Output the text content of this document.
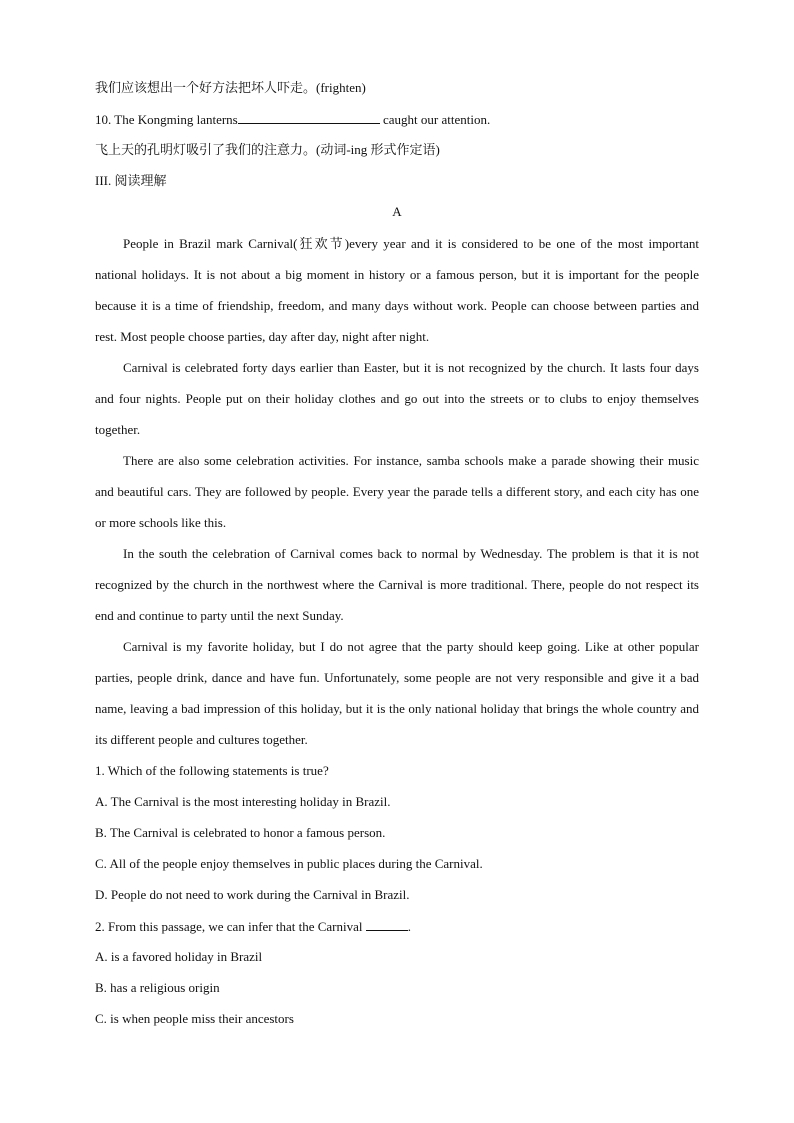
我们应该想出一个好方法把坏人吓走。(frighten)
10. The Kongming lanterns	caught our attention.
飞上天的孔明灯吸引了我们的注意力。(动词-ing 形式作定语)
III. 阅读理解
A

People in Brazil mark Carnival(狂欢节)every year and it is considered to be one of the most important national holidays. It is not about a big moment in history or a famous person, but it is important for the people because it is a time of friendship, freedom, and many days without work. People can choose between parties and rest. Most people choose parties, day after day, night after night.

Carnival is celebrated forty days earlier than Easter, but it is not recognized by the church. It lasts four days and four nights. People put on their holiday clothes and go out into the streets or to clubs to enjoy themselves together.

There are also some celebration activities. For instance, samba schools make a parade showing their music and beautiful cars. They are followed by people. Every year the parade tells a different story, and each city has one or more schools like this.

In the south the celebration of Carnival comes back to normal by Wednesday. The problem is that it is not recognized by the church in the northwest where the Carnival is more traditional. There, people do not respect its end and continue to party until the next Sunday.

Carnival is my favorite holiday, but I do not agree that the party should keep going. Like at other popular parties, people drink, dance and have fun. Unfortunately, some people are not very responsible and give it a bad name, leaving a bad impression of this holiday, but it is the only national holiday that brings the whole country and its different people and cultures together.

1. Which of the following statements is true?
A. The Carnival is the most interesting holiday in Brazil.
B. The Carnival is celebrated to honor a famous person.
C. All of the people enjoy themselves in public places during the Carnival.
D. People do not need to work during the Carnival in Brazil.
2. From this passage, we can infer that the Carnival	.
A. is a favored holiday in Brazil
B. has a religious origin
C. is when people miss their ancestors
